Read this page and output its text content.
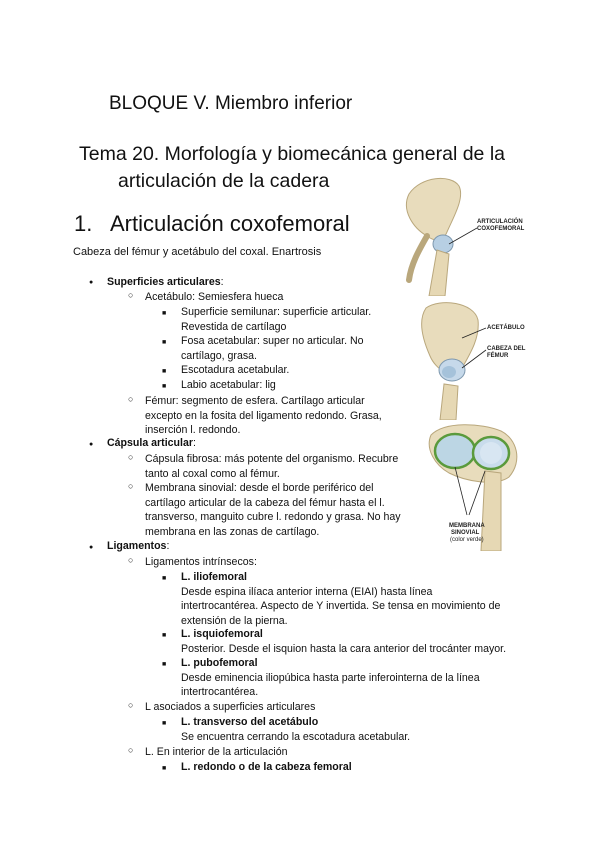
BLOQUE V. Miembro inferior
Tema 20. Morfología y biomecánica general de la
articulación de la cadera
1. Articulación coxofemoral
Cabeza del fémur y acetábulo del coxal. Enartrosis
●
Superficies articulares:
○
Acetábulo: Semiesfera hueca
■
Superficie semilunar: superficie articular.
Revestida de cartílago
■
Fosa acetabular: super no articular. No
cartílago, grasa.
■
Escotadura acetabular.
■
Labio acetabular: lig
○
Fémur: segmento de esfera. Cartílago articular
excepto en la fosita del ligamento redondo. Grasa,
inserción l. redondo.
●
Cápsula articular:
○
Cápsula fibrosa: más potente del organismo. Recubre
tanto al coxal como al fémur.
○
Membrana sinovial: desde el borde periférico del
cartílago articular de la cabeza del fémur hasta el l.
transverso, manguito cubre l. redondo y grasa. No hay
membrana en las zonas de cartílago.
●
Ligamentos:
○
Ligamentos intrínsecos:
■
L. iliofemoral
Desde espina ilíaca anterior interna (EIAI) hasta línea
intertrocantérea. Aspecto de Y invertida. Se tensa en movimiento de
extensión de la pierna.
■
L. isquiofemoral
Posterior. Desde el isquion hasta la cara anterior del trocánter mayor.
■
L. pubofemoral
Desde eminencia iliopúbica hasta parte inferointerna de la línea
intertrocantérea.
○
L asociados a superficies articulares
■
L. transverso del acetábulo
Se encuentra cerrando la escotadura acetabular.
○
L. En interior de la articulación
■
L. redondo o de la cabeza femoral
ARTICULACIÓN
COXOFEMORAL
ACETÁBULO
CABEZA DEL
FÉMUR
MEMBRANA
SINOVIAL
(color verde)
